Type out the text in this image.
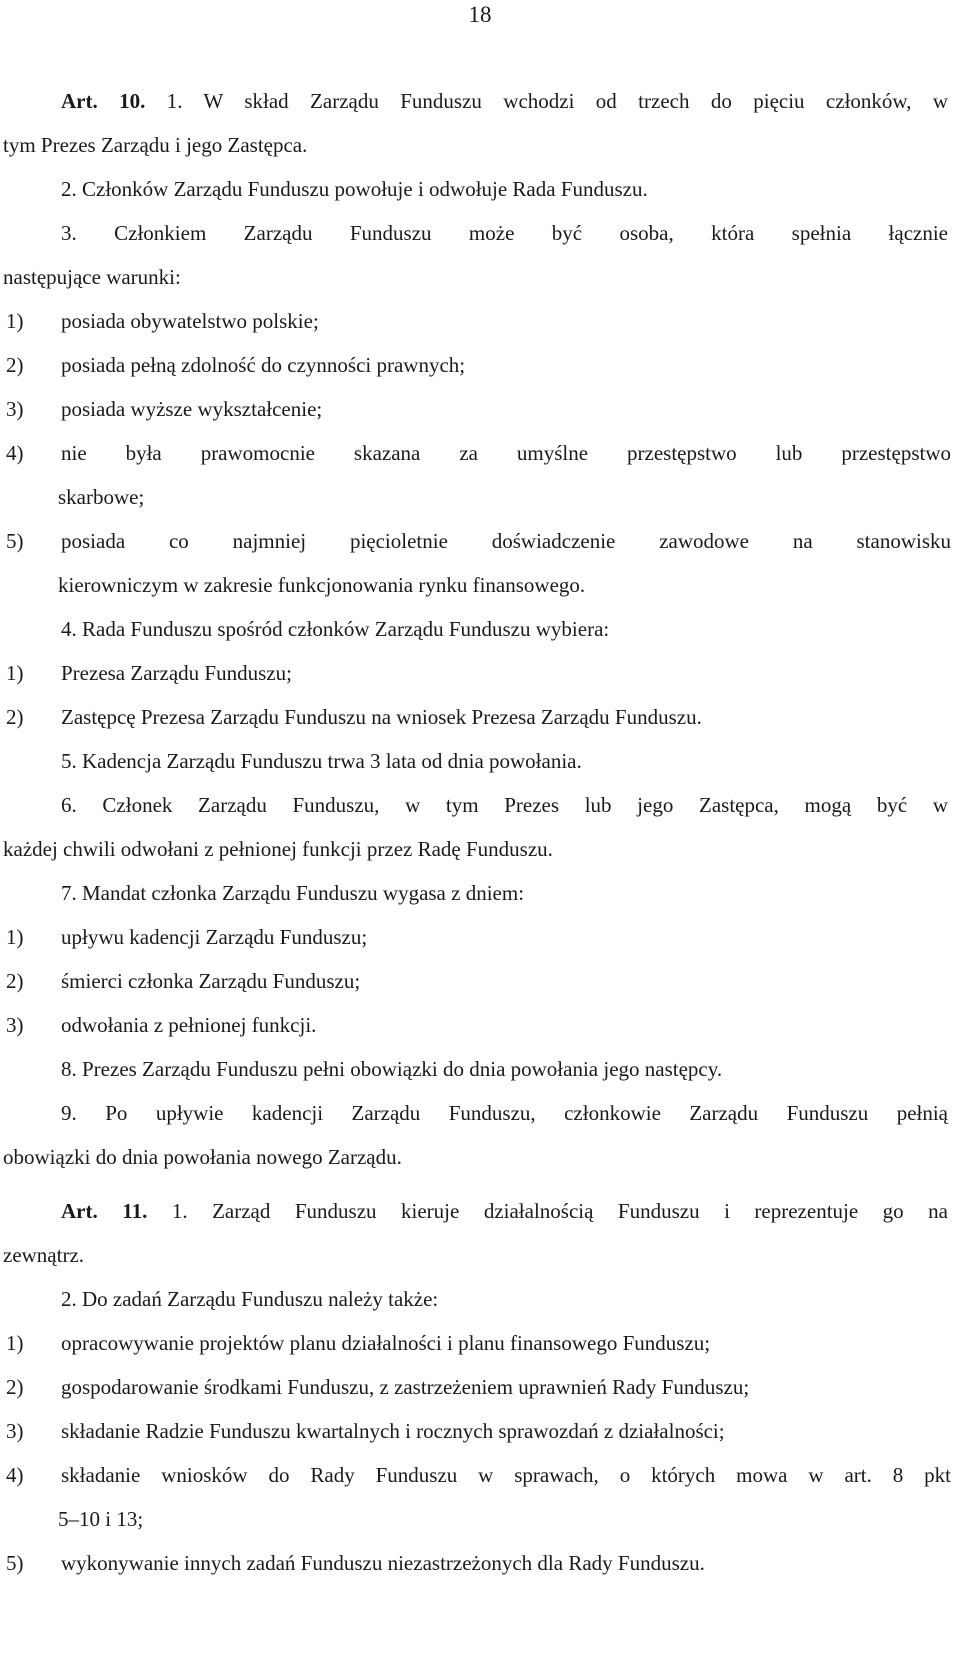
18
Art. 10. 1. W skład Zarządu Funduszu wchodzi od trzech do pięciu członków, w
tym Prezes Zarządu i jego Zastępca.
2. Członków Zarządu Funduszu powołuje i odwołuje Rada Funduszu.
3. Członkiem Zarządu Funduszu może być osoba, która spełnia łącznie
następujące warunki:
1) posiada obywatelstwo polskie;
2) posiada pełną zdolność do czynności prawnych;
3) posiada wyższe wykształcenie;
4) nie była prawomocnie skazana za umyślne przestępstwo lub przestępstwo
skarbowe;
5) posiada co najmniej pięcioletnie doświadczenie zawodowe na stanowisku
kierowniczym w zakresie funkcjonowania rynku finansowego.
4. Rada Funduszu spośród członków Zarządu Funduszu wybiera:
1) Prezesa Zarządu Funduszu;
2) Zastępcę Prezesa Zarządu Funduszu na wniosek Prezesa Zarządu Funduszu.
5. Kadencja Zarządu Funduszu trwa 3 lata od dnia powołania.
6. Członek Zarządu Funduszu, w tym Prezes lub jego Zastępca, mogą być w
każdej chwili odwołani z pełnionej funkcji przez Radę Funduszu.
7. Mandat członka Zarządu Funduszu wygasa z dniem:
1) upływu kadencji Zarządu Funduszu;
2) śmierci członka Zarządu Funduszu;
3) odwołania z pełnionej funkcji.
8. Prezes Zarządu Funduszu pełni obowiązki do dnia powołania jego następcy.
9. Po upływie kadencji Zarządu Funduszu, członkowie Zarządu Funduszu pełnią
obowiązki do dnia powołania nowego Zarządu.
Art. 11. 1. Zarząd Funduszu kieruje działalnością Funduszu i reprezentuje go na
zewnątrz.
2. Do zadań Zarządu Funduszu należy także:
1) opracowywanie projektów planu działalności i planu finansowego Funduszu;
2) gospodarowanie środkami Funduszu, z zastrzeżeniem uprawnień Rady Funduszu;
3) składanie Radzie Funduszu kwartalnych i rocznych sprawozdań z działalności;
4) składanie wniosków do Rady Funduszu w sprawach, o których mowa w art. 8 pkt
5–10 i 13;
5) wykonywanie innych zadań Funduszu niezastrzeżonych dla Rady Funduszu.
